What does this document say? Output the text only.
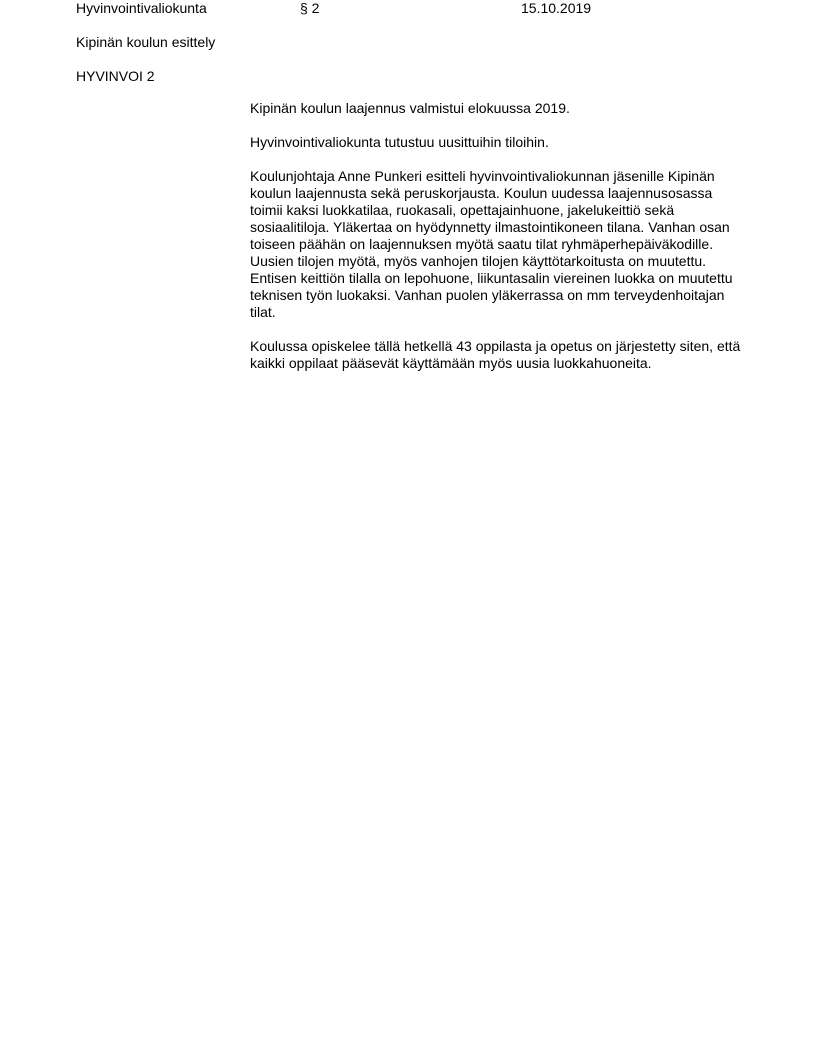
Hyvinvointivaliokunta	§ 2	15.10.2019
Kipinän koulun esittely
HYVINVOI 2

Kipinän koulun laajennus valmistui elokuussa 2019.

Hyvinvointivaliokunta tutustuu uusittuihin tiloihin.

Koulunjohtaja Anne Punkeri esitteli hyvinvointivaliokunnan jäsenille Kipinän koulun laajennusta sekä peruskorjausta. Koulun uudessa laajennusosassa toimii kaksi luokkatilaa, ruokasali, opettajainhuone, jakelukeittiö sekä sosiaalitiloja. Yläkertaa on hyödynnetty ilmastointikoneen tilana. Vanhan osan toiseen päähän on laajennuksen myötä saatu tilat ryhmäperhepäiväkodille. Uusien tilojen myötä, myös vanhojen tilojen käyttötarkoitusta on muutettu. Entisen keittiön tilalla on lepohuone, liikuntasalin viereinen luokka on muutettu teknisen työn luokaksi. Vanhan puolen yläkerrassa on mm terveydenhoitajan tilat.

Koulussa opiskelee tällä hetkellä 43 oppilasta ja opetus on järjestetty siten, että kaikki oppilaat pääsevät käyttämään myös uusia luokkahuoneita.
